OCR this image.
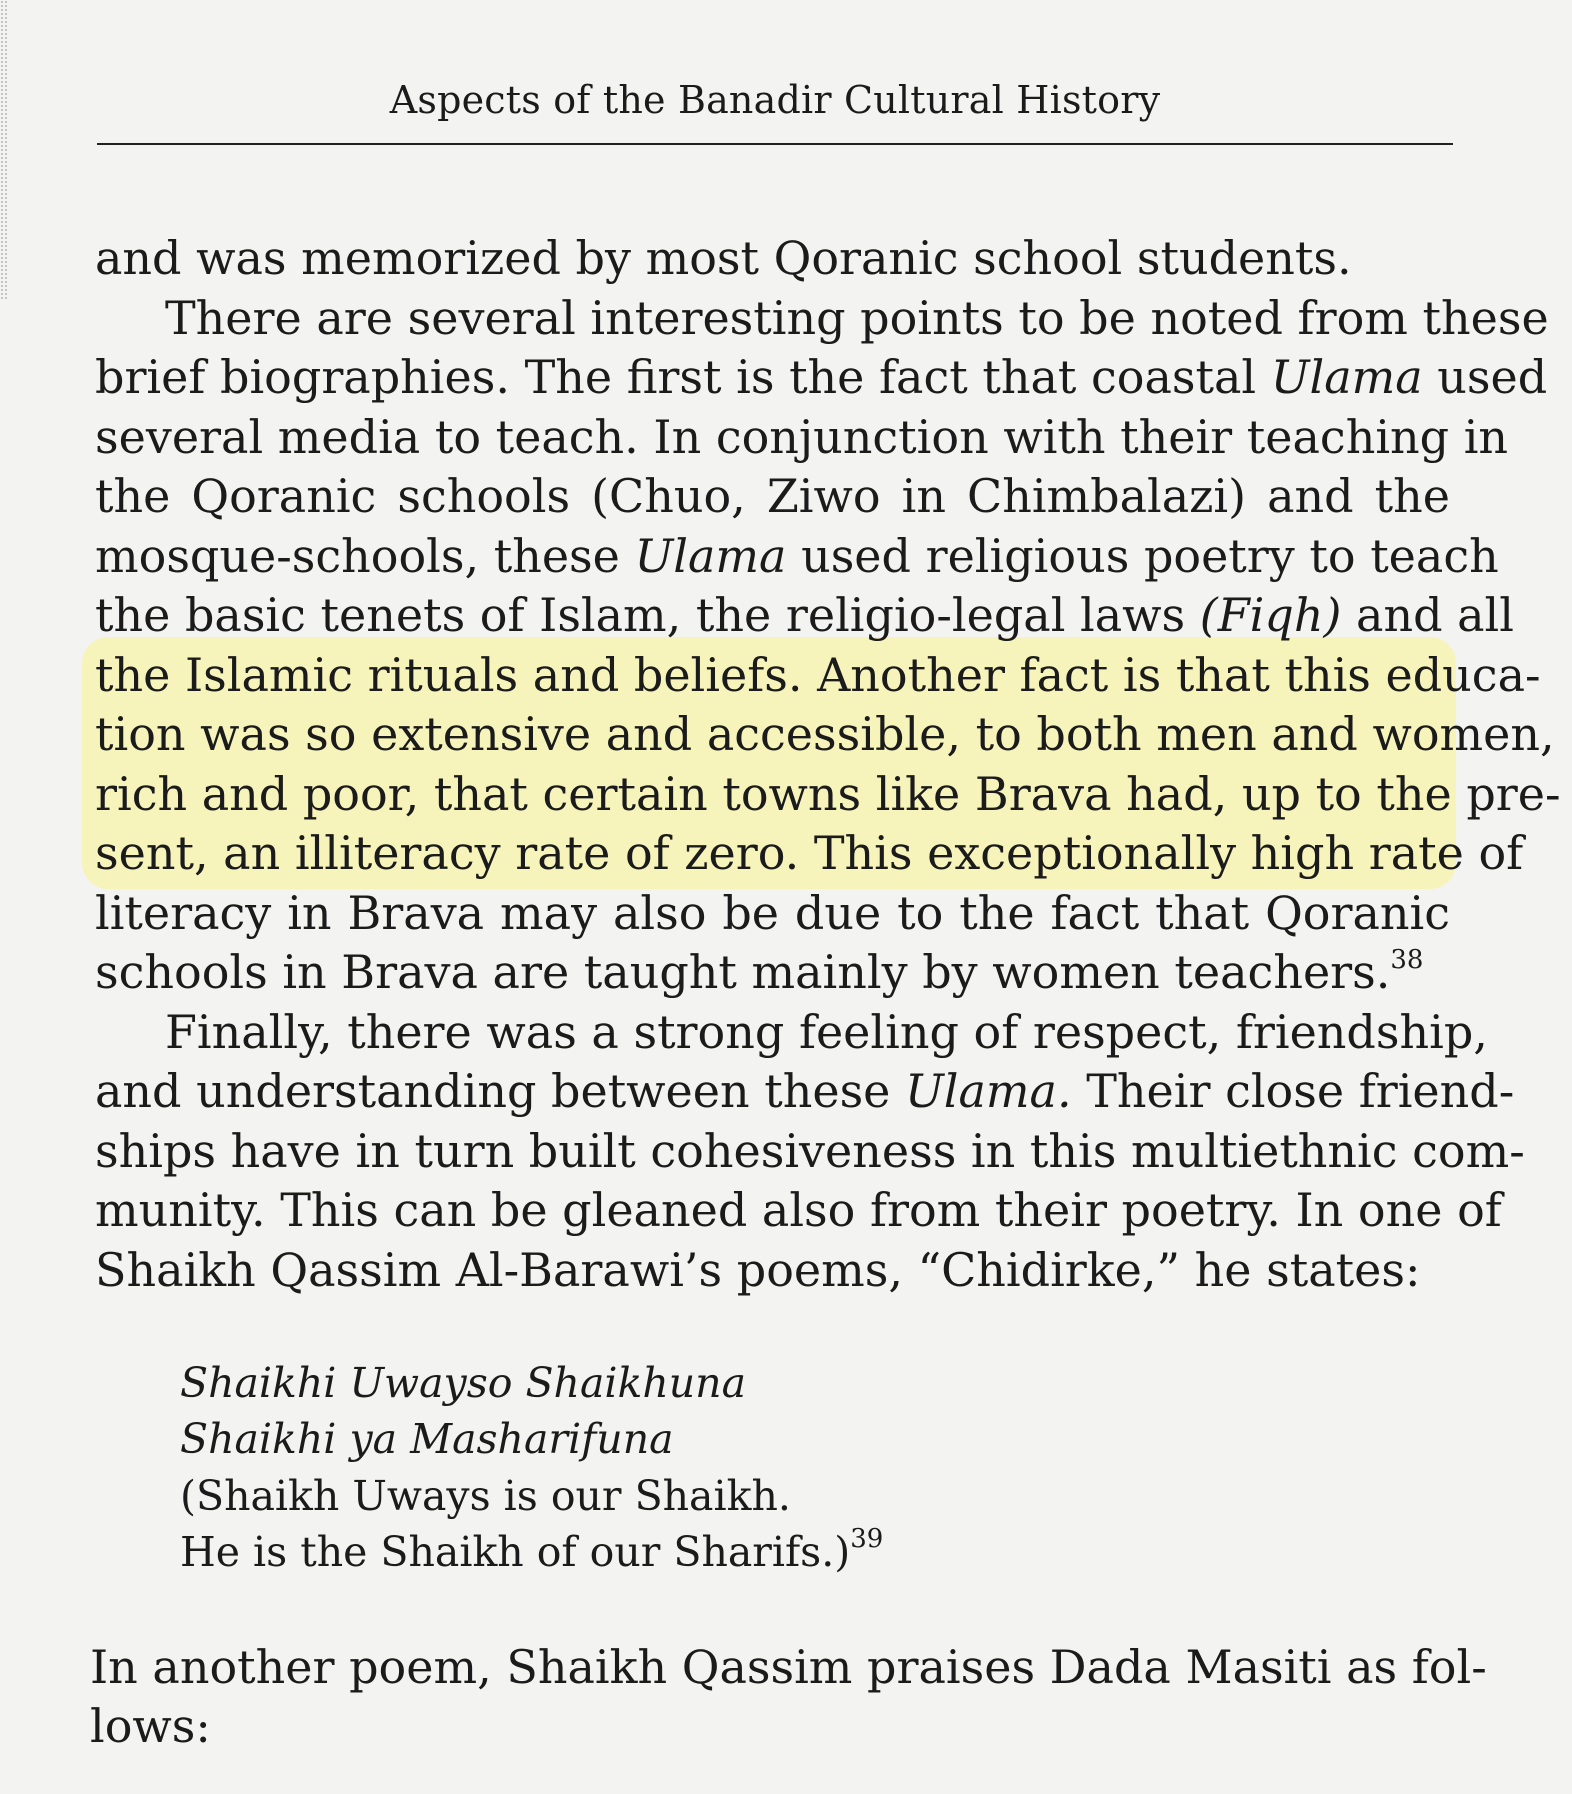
Aspects of the Banadir Cultural History
and was memorized by most Qoranic school students.
There are several interesting points to be noted from these
brief biographies. The first is the fact that coastal Ulama used
several media to teach. In conjunction with their teaching in
the Qoranic schools (Chuo, Ziwo in Chimbalazi) and the
mosque-schools, these Ulama used religious poetry to teach
the basic tenets of Islam, the religio-legal laws (Fiqh) and all
the Islamic rituals and beliefs. Another fact is that this educa-
tion was so extensive and accessible, to both men and women,
rich and poor, that certain towns like Brava had, up to the pre-
sent, an illiteracy rate of zero. This exceptionally high rate of
literacy in Brava may also be due to the fact that Qoranic
schools in Brava are taught mainly by women teachers.$^{38}$
Finally, there was a strong feeling of respect, friendship,
and understanding between these Ulama. Their close friend-
ships have in turn built cohesiveness in this multiethnic com-
munity. This can be gleaned also from their poetry. In one of
Shaikh Qassim Al-Barawi’s poems, “Chidirke,” he states:
Shaikhi Uwayso Shaikhuna
Shaikhi ya Masharifuna
(Shaikh Uways is our Shaikh.
He is the Shaikh of our Sharifs.)$^{39}$
In another poem, Shaikh Qassim praises Dada Masiti as fol-
lows:
